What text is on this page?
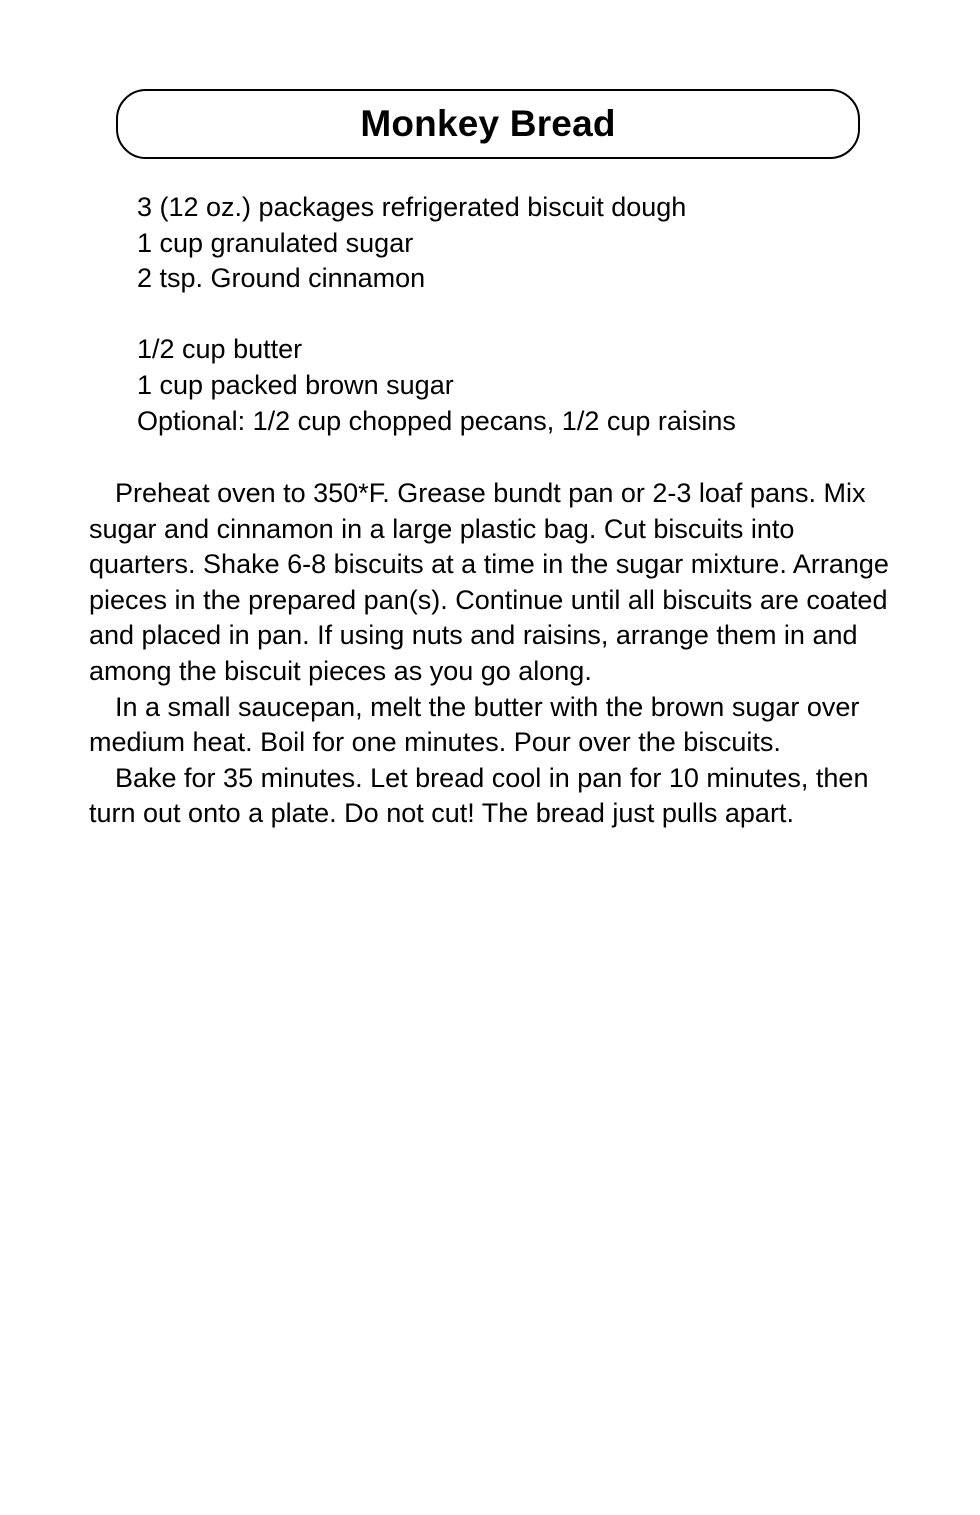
Monkey Bread
3 (12 oz.) packages refrigerated biscuit dough
1 cup granulated sugar
2 tsp. Ground cinnamon
1/2 cup butter
1 cup packed brown sugar
Optional: 1/2 cup chopped pecans, 1/2 cup raisins

Preheat oven to 350*F. Grease bundt pan or 2-3 loaf pans. Mix sugar and cinnamon in a large plastic bag. Cut biscuits into quarters. Shake 6-8 biscuits at a time in the sugar mixture. Arrange pieces in the prepared pan(s). Continue until all biscuits are coated and placed in pan. If using nuts and raisins, arrange them in and among the biscuit pieces as you go along.

In a small saucepan, melt the butter with the brown sugar over medium heat. Boil for one minutes. Pour over the biscuits.

Bake for 35 minutes. Let bread cool in pan for 10 minutes, then turn out onto a plate. Do not cut! The bread just pulls apart.
